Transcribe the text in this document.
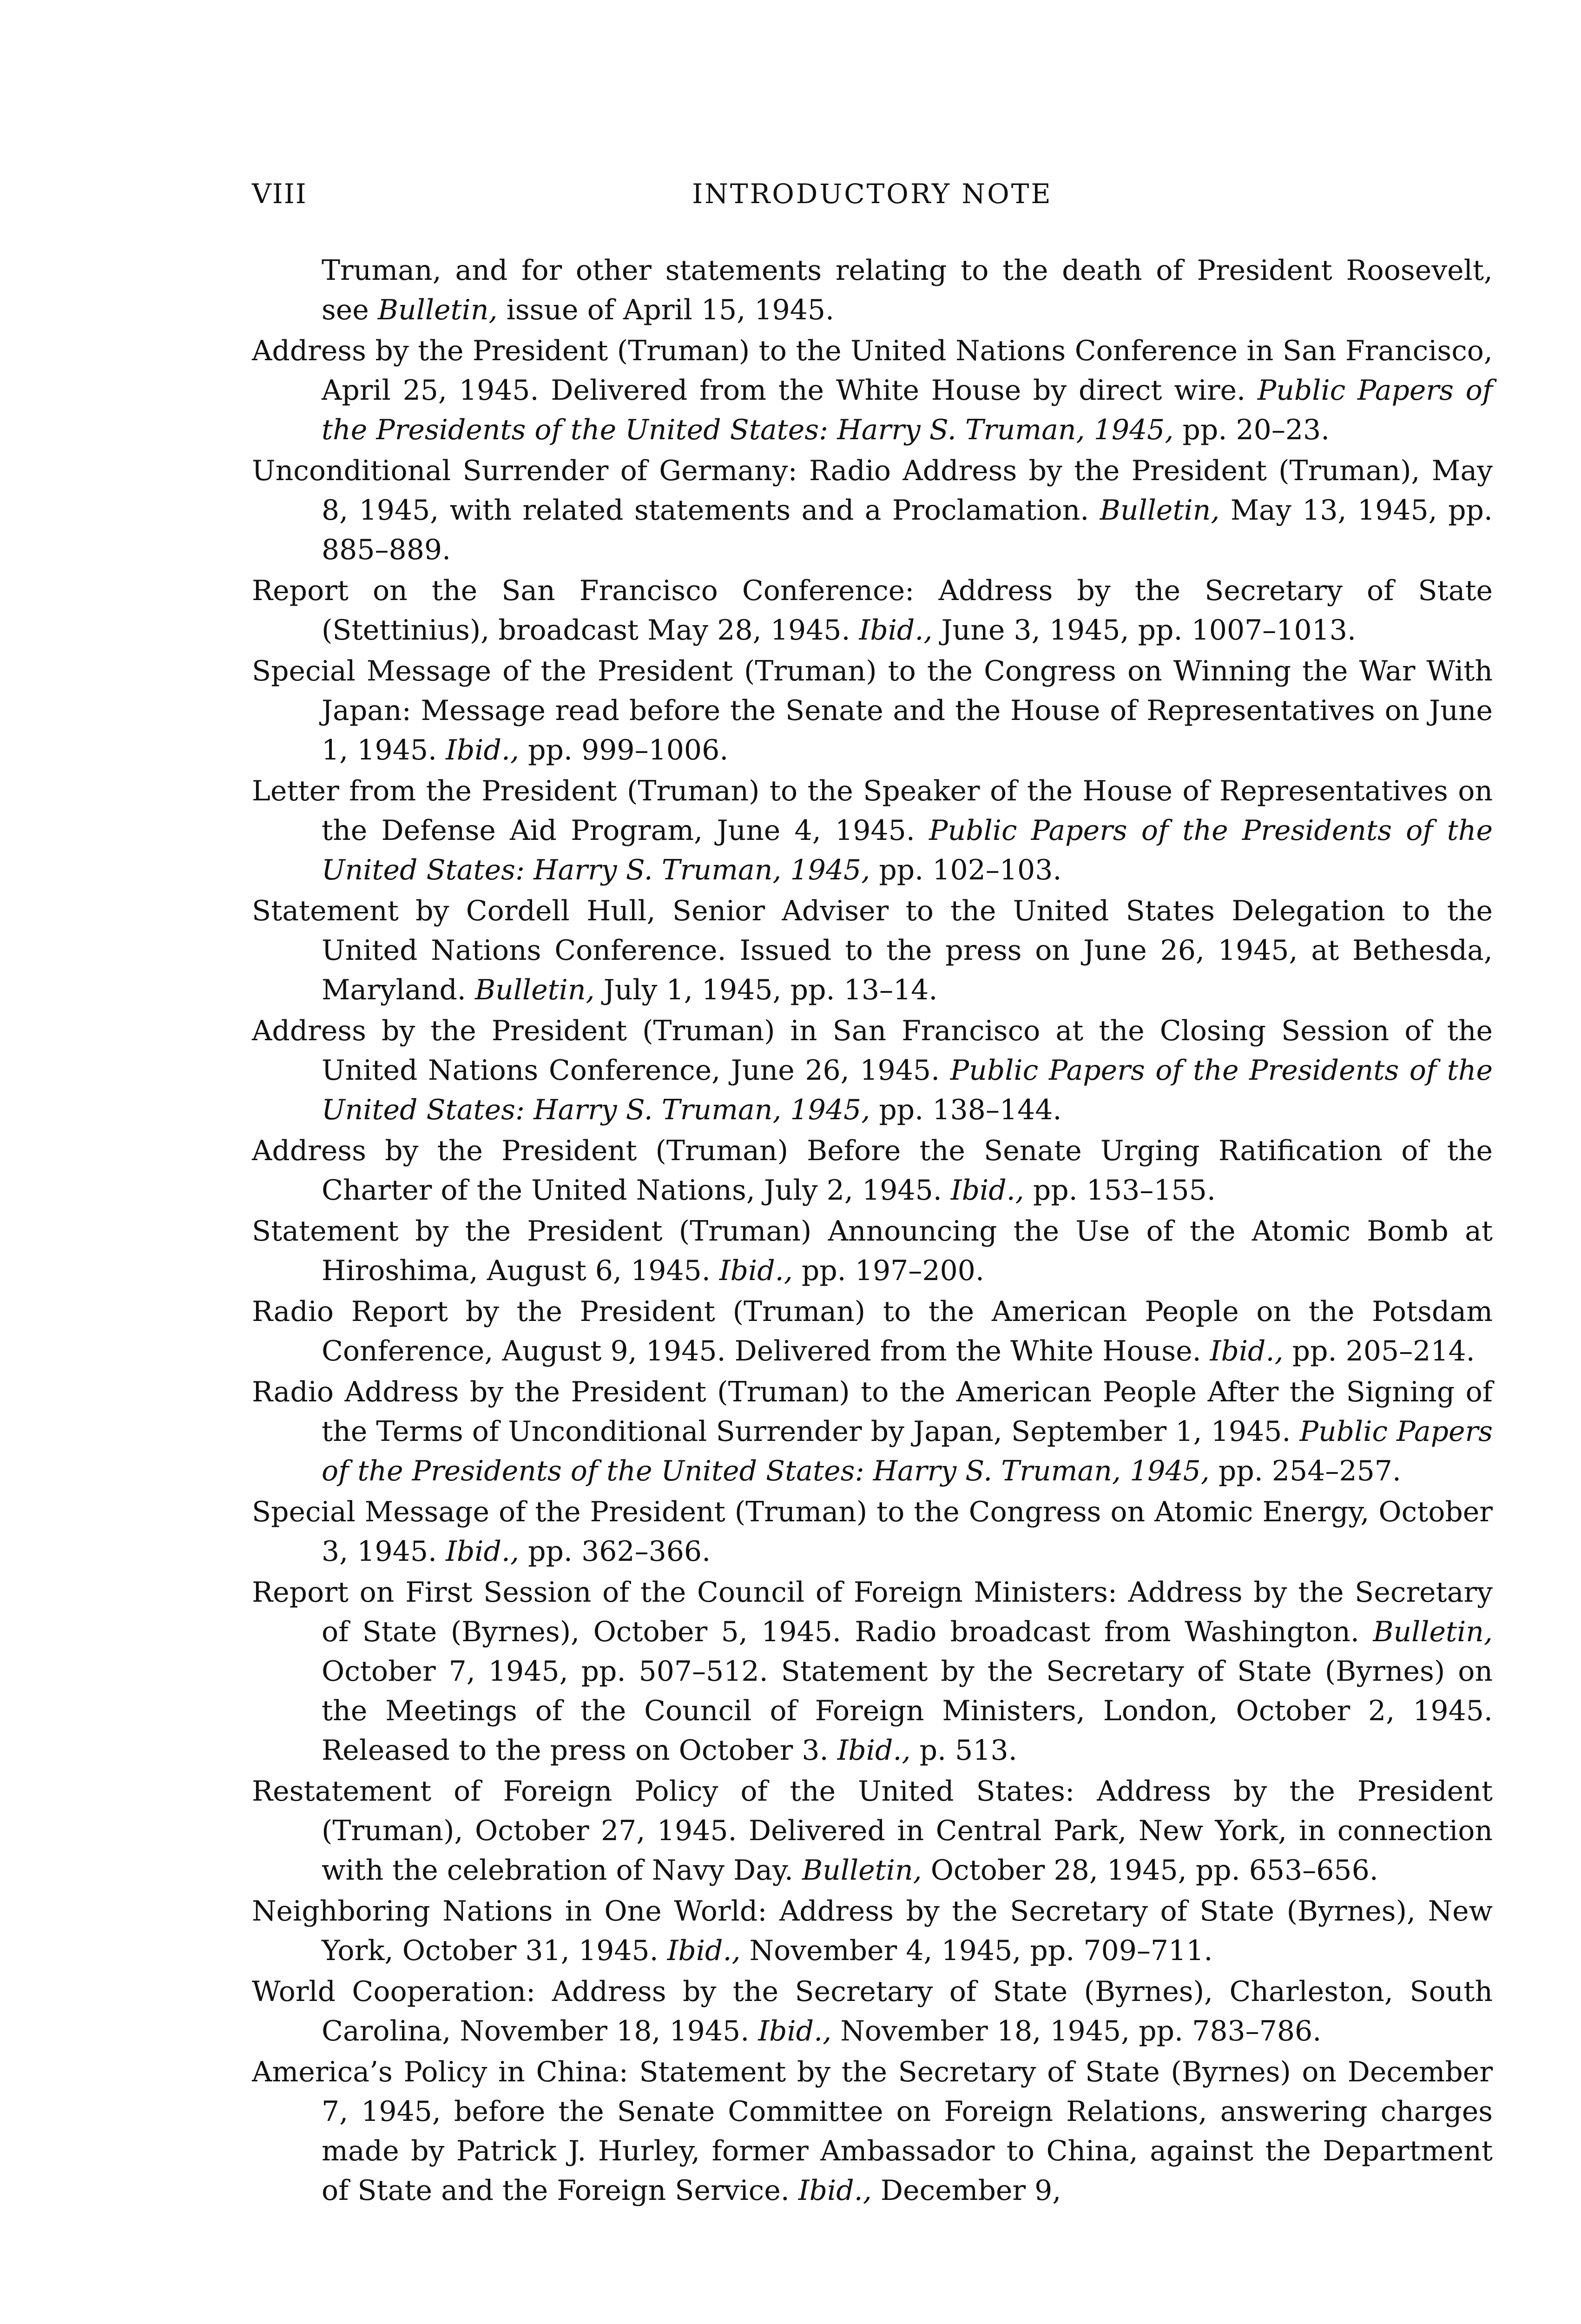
VIII	INTRODUCTORY NOTE
Truman, and for other statements relating to the death of President Roosevelt, see Bulletin, issue of April 15, 1945.
Address by the President (Truman) to the United Nations Conference in San Francisco, April 25, 1945. Delivered from the White House by direct wire. Public Papers of the Presidents of the United States: Harry S. Truman, 1945, pp. 20–23.
Unconditional Surrender of Germany: Radio Address by the President (Truman), May 8, 1945, with related statements and a Proclamation. Bulletin, May 13, 1945, pp. 885–889.
Report on the San Francisco Conference: Address by the Secretary of State (Stettinius), broadcast May 28, 1945. Ibid., June 3, 1945, pp. 1007–1013.
Special Message of the President (Truman) to the Congress on Winning the War With Japan: Message read before the Senate and the House of Representatives on June 1, 1945. Ibid., pp. 999–1006.
Letter from the President (Truman) to the Speaker of the House of Representatives on the Defense Aid Program, June 4, 1945. Public Papers of the Presidents of the United States: Harry S. Truman, 1945, pp. 102–103.
Statement by Cordell Hull, Senior Adviser to the United States Delegation to the United Nations Conference. Issued to the press on June 26, 1945, at Bethesda, Maryland. Bulletin, July 1, 1945, pp. 13–14.
Address by the President (Truman) in San Francisco at the Closing Session of the United Nations Conference, June 26, 1945. Public Papers of the Presidents of the United States: Harry S. Truman, 1945, pp. 138–144.
Address by the President (Truman) Before the Senate Urging Ratification of the Charter of the United Nations, July 2, 1945. Ibid., pp. 153–155.
Statement by the President (Truman) Announcing the Use of the Atomic Bomb at Hiroshima, August 6, 1945. Ibid., pp. 197–200.
Radio Report by the President (Truman) to the American People on the Potsdam Conference, August 9, 1945. Delivered from the White House. Ibid., pp. 205–214.
Radio Address by the President (Truman) to the American People After the Signing of the Terms of Unconditional Surrender by Japan, September 1, 1945. Public Papers of the Presidents of the United States: Harry S. Truman, 1945, pp. 254–257.
Special Message of the President (Truman) to the Congress on Atomic Energy, October 3, 1945. Ibid., pp. 362–366.
Report on First Session of the Council of Foreign Ministers: Address by the Secretary of State (Byrnes), October 5, 1945. Radio broadcast from Washington. Bulletin, October 7, 1945, pp. 507–512. Statement by the Secretary of State (Byrnes) on the Meetings of the Council of Foreign Ministers, London, October 2, 1945. Released to the press on October 3. Ibid., p. 513.
Restatement of Foreign Policy of the United States: Address by the President (Truman), October 27, 1945. Delivered in Central Park, New York, in connection with the celebration of Navy Day. Bulletin, October 28, 1945, pp. 653–656.
Neighboring Nations in One World: Address by the Secretary of State (Byrnes), New York, October 31, 1945. Ibid., November 4, 1945, pp. 709–711.
World Cooperation: Address by the Secretary of State (Byrnes), Charleston, South Carolina, November 18, 1945. Ibid., November 18, 1945, pp. 783–786.
America’s Policy in China: Statement by the Secretary of State (Byrnes) on December 7, 1945, before the Senate Committee on Foreign Relations, answering charges made by Patrick J. Hurley, former Ambassador to China, against the Department of State and the Foreign Service. Ibid., December 9,
